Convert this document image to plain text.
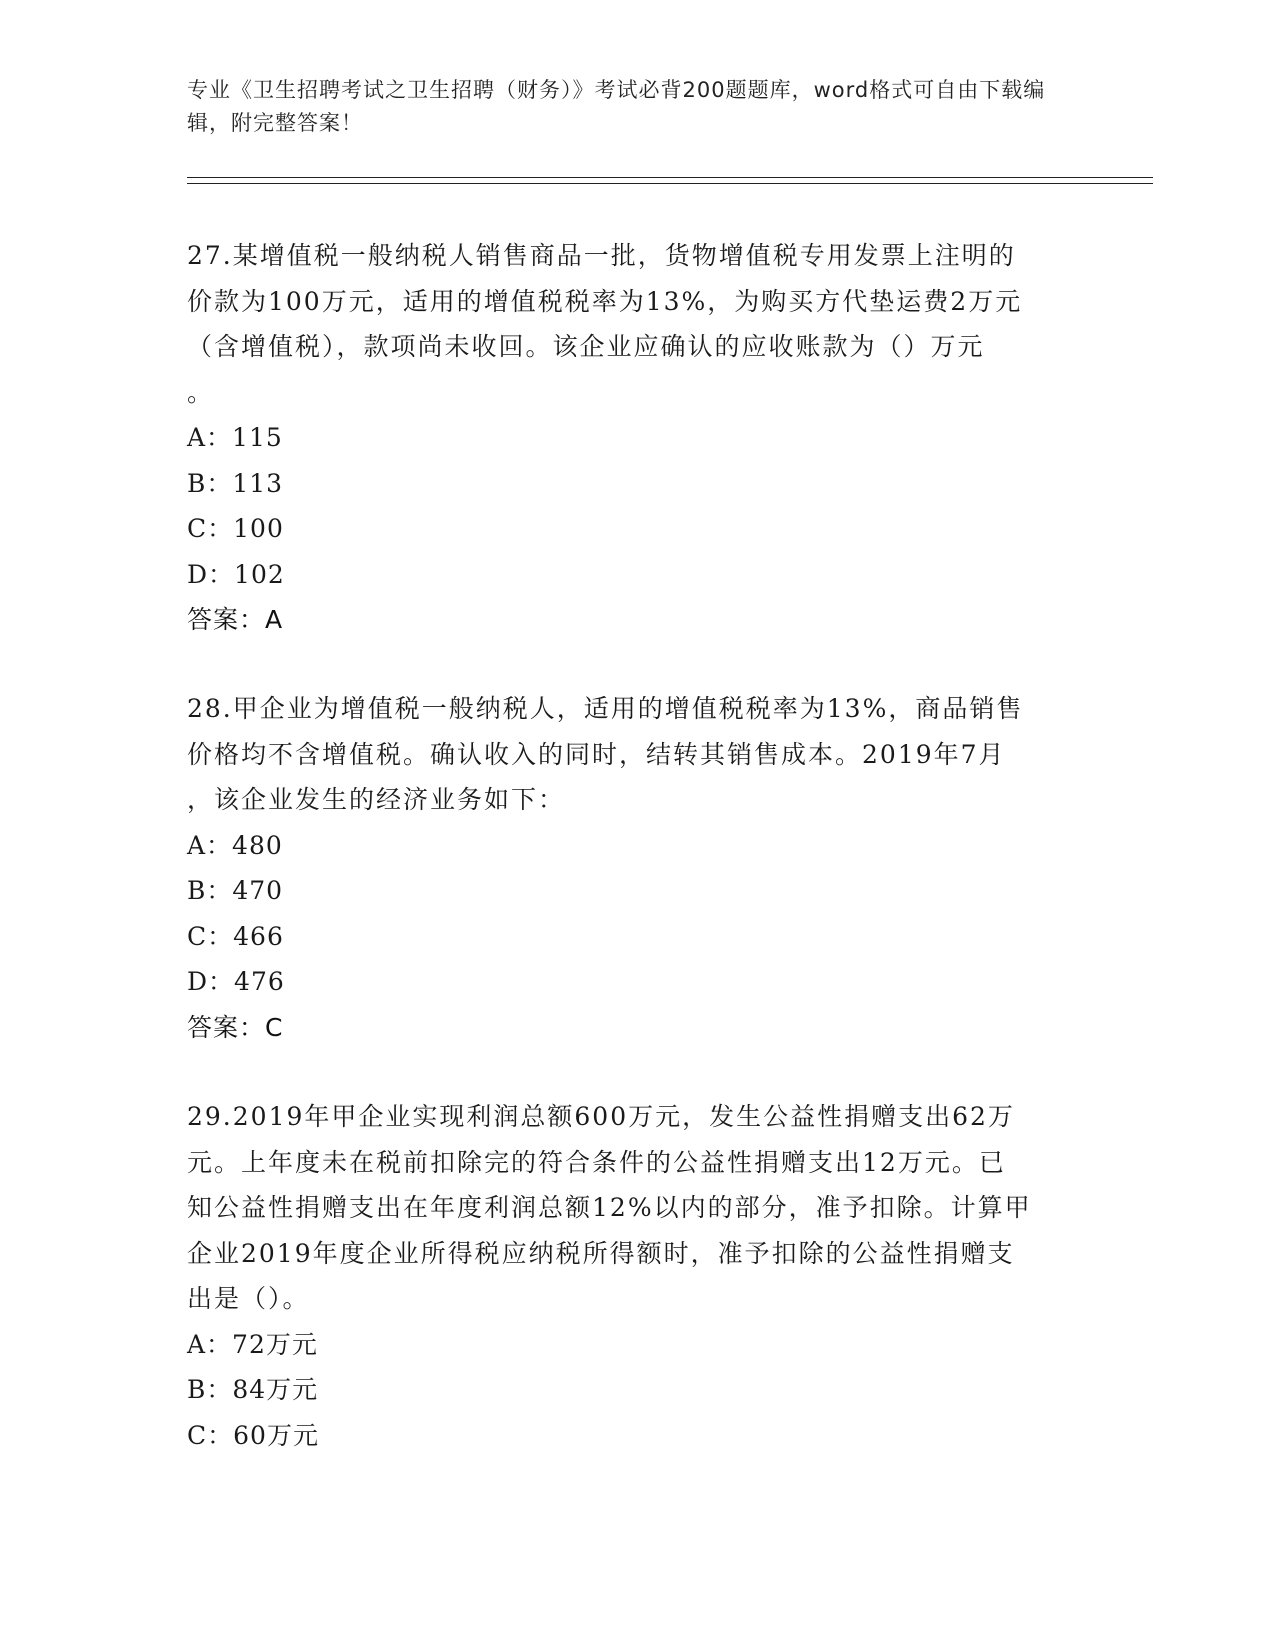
专业《卫生招聘考试之卫生招聘（财务）》考试必背200题题库，word格式可自由下载编辑，附完整答案！

27.某增值税一般纳税人销售商品一批，货物增值税专用发票上注明的
价款为100万元，适用的增值税税率为13%，为购买方代垫运费2万元
（含增值税），款项尚未收回。该企业应确认的应收账款为（）万元
。

A：115
B：113
C：100
D：102
答案：A

28.甲企业为增值税一般纳税人，适用的增值税税率为13%，商品销售
价格均不含增值税。确认收入的同时，结转其销售成本。2019年7月
，该企业发生的经济业务如下：

A：480
B：470
C：466
D：476
答案：C

29.2019年甲企业实现利润总额600万元，发生公益性捐赠支出62万
元。上年度未在税前扣除完的符合条件的公益性捐赠支出12万元。已
知公益性捐赠支出在年度利润总额12%以内的部分，准予扣除。计算甲
企业2019年度企业所得税应纳税所得额时，准予扣除的公益性捐赠支
出是（）。

A：72万元
B：84万元
C：60万元
